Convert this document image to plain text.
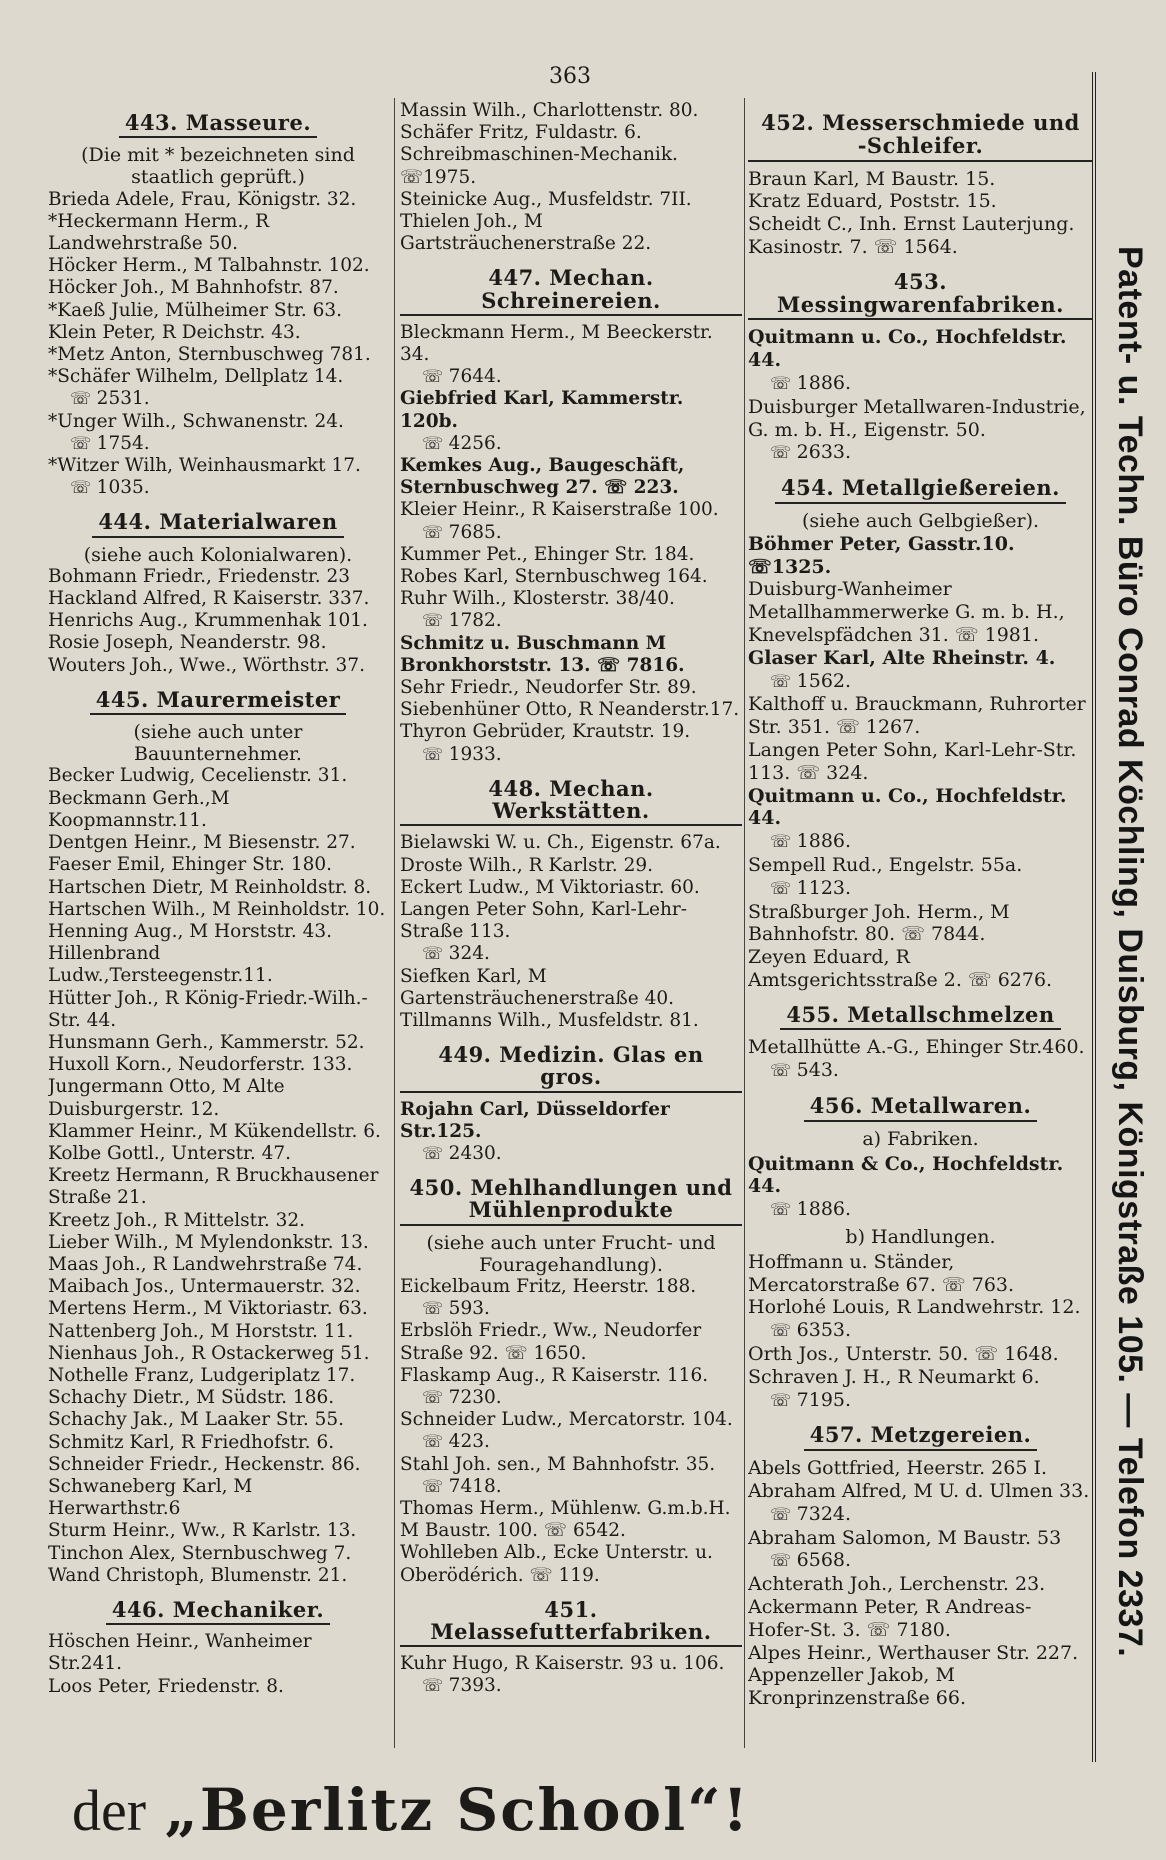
363
443. Masseure.
(Die mit * bezeichneten sind staatlich geprüft.)
Brieda Adele, Frau, Königstr. 32.
*Heckermann Herm., R Landwehrstraße 50.
Höcker Herm., M Talbahnstr. 102.
Höcker Joh., M Bahnhofstr. 87.
*Kaeß Julie, Mülheimer Str. 63.
Klein Peter, R Deichstr. 43.
*Metz Anton, Sternbuschweg 781.
*Schäfer Wilhelm, Dellplatz 14.
☏ 2531.
*Unger Wilh., Schwanenstr. 24.
☏ 1754.
*Witzer Wilh, Weinhausmarkt 17.
☏ 1035.
444. Materialwaren
(siehe auch Kolonialwaren).
Bohmann Friedr., Friedenstr. 23
Hackland Alfred, R Kaiserstr. 337.
Henrichs Aug., Krummenhak 101.
Rosie Joseph, Neanderstr. 98.
Wouters Joh., Wwe., Wörthstr. 37.
445. Maurermeister
(siehe auch unter Bauunternehmer.
Becker Ludwig, Cecelienstr. 31.
Beckmann Gerh.,M Koopmannstr.11.
Dentgen Heinr., M Biesenstr. 27.
Faeser Emil, Ehinger Str. 180.
Hartschen Dietr, M Reinholdstr. 8.
Hartschen Wilh., M Reinholdstr. 10.
Henning Aug., M Horststr. 43.
Hillenbrand Ludw.,Tersteegenstr.11.
Hütter Joh., R König-Friedr.-Wilh.-Str. 44.
Hunsmann Gerh., Kammerstr. 52.
Huxoll Korn., Neudorferstr. 133.
Jungermann Otto, M Alte Duisburgerstr. 12.
Klammer Heinr., M Kükendellstr. 6.
Kolbe Gottl., Unterstr. 47.
Kreetz Hermann, R Bruckhausener Straße 21.
Kreetz Joh., R Mittelstr. 32.
Lieber Wilh., M Mylendonkstr. 13.
Maas Joh., R Landwehrstraße 74.
Maibach Jos., Untermauerstr. 32.
Mertens Herm., M Viktoriastr. 63.
Nattenberg Joh., M Horststr. 11.
Nienhaus Joh., R Ostackerweg 51.
Nothelle Franz, Ludgeriplatz 17.
Schachy Dietr., M Südstr. 186.
Schachy Jak., M Laaker Str. 55.
Schmitz Karl, R Friedhofstr. 6.
Schneider Friedr., Heckenstr. 86.
Schwaneberg Karl, M Herwarthstr.6
Sturm Heinr., Ww., R Karlstr. 13.
Tinchon Alex, Sternbuschweg 7.
Wand Christoph, Blumenstr. 21.
446. Mechaniker.
Höschen Heinr., Wanheimer Str.241.
Loos Peter, Friedenstr. 8.
Massin Wilh., Charlottenstr. 80.
Schäfer Fritz, Fuldastr. 6. Schreibmaschinen-Mechanik. ☏1975.
Steinicke Aug., Musfeldstr. 7II.
Thielen Joh., M Gartsträuchenerstraße 22.
447. Mechan. Schreinereien.
Bleckmann Herm., M Beeckerstr. 34.
☏ 7644.
Giebfried Karl, Kammerstr. 120b.
☏ 4256.
Kemkes Aug., Baugeschäft, Sternbuschweg 27. ☏ 223.
Kleier Heinr., R Kaiserstraße 100.
☏ 7685.
Kummer Pet., Ehinger Str. 184.
Robes Karl, Sternbuschweg 164.
Ruhr Wilh., Klosterstr. 38/40.
☏ 1782.
Schmitz u. Buschmann M Bronkhorststr. 13. ☏ 7816.
Sehr Friedr., Neudorfer Str. 89.
Siebenhüner Otto, R Neanderstr.17.
Thyron Gebrüder, Krautstr. 19.
☏ 1933.
448. Mechan. Werkstätten.
Bielawski W. u. Ch., Eigenstr. 67a.
Droste Wilh., R Karlstr. 29.
Eckert Ludw., M Viktoriastr. 60.
Langen Peter Sohn, Karl-Lehr-Straße 113.
☏ 324.
Siefken Karl, M Gartensträuchenerstraße 40.
Tillmanns Wilh., Musfeldstr. 81.
449. Medizin. Glas en gros.
Rojahn Carl, Düsseldorfer Str.125.
☏ 2430.
450. Mehlhandlungen und Mühlenprodukte
(siehe auch unter Frucht- und Fouragehandlung).
Eickelbaum Fritz, Heerstr. 188.
☏ 593.
Erbslöh Friedr., Ww., Neudorfer Straße 92. ☏ 1650.
Flaskamp Aug., R Kaiserstr. 116.
☏ 7230.
Schneider Ludw., Mercatorstr. 104.
☏ 423.
Stahl Joh. sen., M Bahnhofstr. 35.
☏ 7418.
Thomas Herm., Mühlenw. G.m.b.H.
M Baustr. 100. ☏ 6542.
Wohlleben Alb., Ecke Unterstr. u. Oberödérich. ☏ 119.
451. Melassefutterfabriken.
Kuhr Hugo, R Kaiserstr. 93 u. 106.
☏ 7393.
452. Messerschmiede und -Schleifer.
Braun Karl, M Baustr. 15.
Kratz Eduard, Poststr. 15.
Scheidt C., Inh. Ernst Lauterjung.
Kasinostr. 7. ☏ 1564.
453. Messingwarenfabriken.
Quitmann u. Co., Hochfeldstr. 44.
☏ 1886.
Duisburger Metallwaren-Industrie, G. m. b. H., Eigenstr. 50.
☏ 2633.
454. Metallgießereien.
(siehe auch Gelbgießer).
Böhmer Peter, Gasstr.10. ☏1325.
Duisburg-Wanheimer Metallhammerwerke G. m. b. H., Knevelspfädchen 31. ☏ 1981.
Glaser Karl, Alte Rheinstr. 4.
☏ 1562.
Kalthoff u. Brauckmann, Ruhrorter Str. 351. ☏ 1267.
Langen Peter Sohn, Karl-Lehr-Str. 113. ☏ 324.
Quitmann u. Co., Hochfeldstr. 44.
☏ 1886.
Sempell Rud., Engelstr. 55a.
☏ 1123.
Straßburger Joh. Herm., M Bahnhofstr. 80. ☏ 7844.
Zeyen Eduard, R Amtsgerichtsstraße 2. ☏ 6276.
455. Metallschmelzen
Metallhütte A.-G., Ehinger Str.460.
☏ 543.
456. Metallwaren.
a) Fabriken.
Quitmann & Co., Hochfeldstr. 44.
☏ 1886.
b) Handlungen.
Hoffmann u. Ständer, Mercatorstraße 67. ☏ 763.
Horlohé Louis, R Landwehrstr. 12.
☏ 6353.
Orth Jos., Unterstr. 50. ☏ 1648.
Schraven J. H., R Neumarkt 6.
☏ 7195.
457. Metzgereien.
Abels Gottfried, Heerstr. 265 I.
Abraham Alfred, M U. d. Ulmen 33.
☏ 7324.
Abraham Salomon, M Baustr. 53
☏ 6568.
Achterath Joh., Lerchenstr. 23.
Ackermann Peter, R Andreas-Hofer-St. 3. ☏ 7180.
Alpes Heinr., Werthauser Str. 227.
Appenzeller Jakob, M Kronprinzenstraße 66.
Patent- u. Techn. Büro Conrad Köchling, Duisburg, Königstraße 105. — Telefon 2337.
der „Berlitz School“!
